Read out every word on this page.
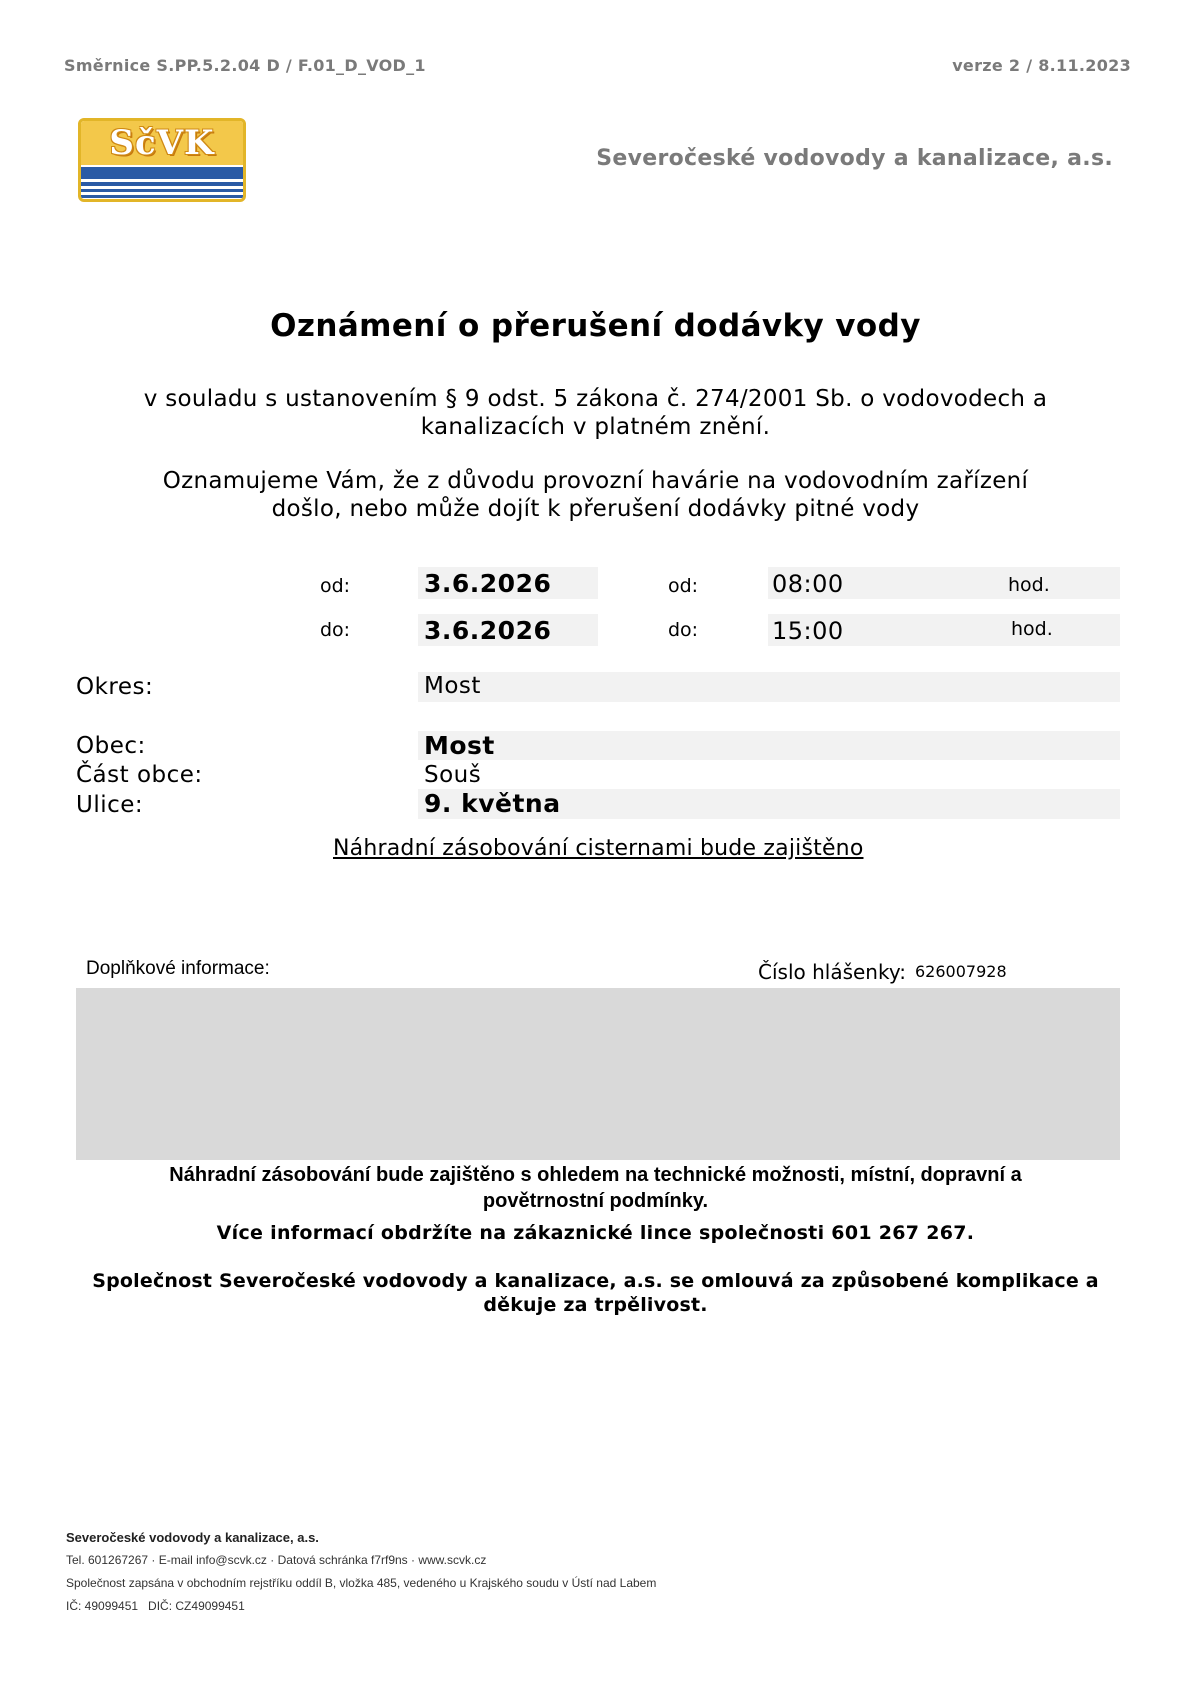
Směrnice S.PP.5.2.04 D / F.01_D_VOD_1	verze 2 / 8.11.2023
SčVK	Severočeské vodovody a kanalizace, a.s.
Oznámení o přerušení dodávky vody
v souladu s ustanovením § 9 odst. 5 zákona č. 274/2001 Sb. o vodovodech a
kanalizacích v platném znění.
Oznamujeme Vám, že z důvodu provozní havárie na vodovodním zařízení
došlo, nebo může dojít k přerušení dodávky pitné vody
od:	3.6.2026	od:	08:00	hod.
do:	3.6.2026	do:	15:00	hod.
Okres:	Most
Obec:	Most
Část obce:	Souš
Ulice:	9. května
Náhradní zásobování cisternami bude zajištěno
Doplňkové informace:	Číslo hlášenky: 626007928
Náhradní zásobování bude zajištěno s ohledem na technické možnosti, místní, dopravní a
povětrnostní podmínky.
Více informací obdržíte na zákaznické lince společnosti 601 267 267.
Společnost Severočeské vodovody a kanalizace, a.s. se omlouvá za způsobené komplikace a
děkuje za trpělivost.
Severočeské vodovody a kanalizace, a.s.
Tel. 601267267 · E-mail info@scvk.cz · Datová schránka f7rf9ns · www.scvk.cz
Společnost zapsána v obchodním rejstříku oddíl B, vložka 485, vedeného u Krajského soudu v Ústí nad Labem
IČ: 49099451   DIČ: CZ49099451
